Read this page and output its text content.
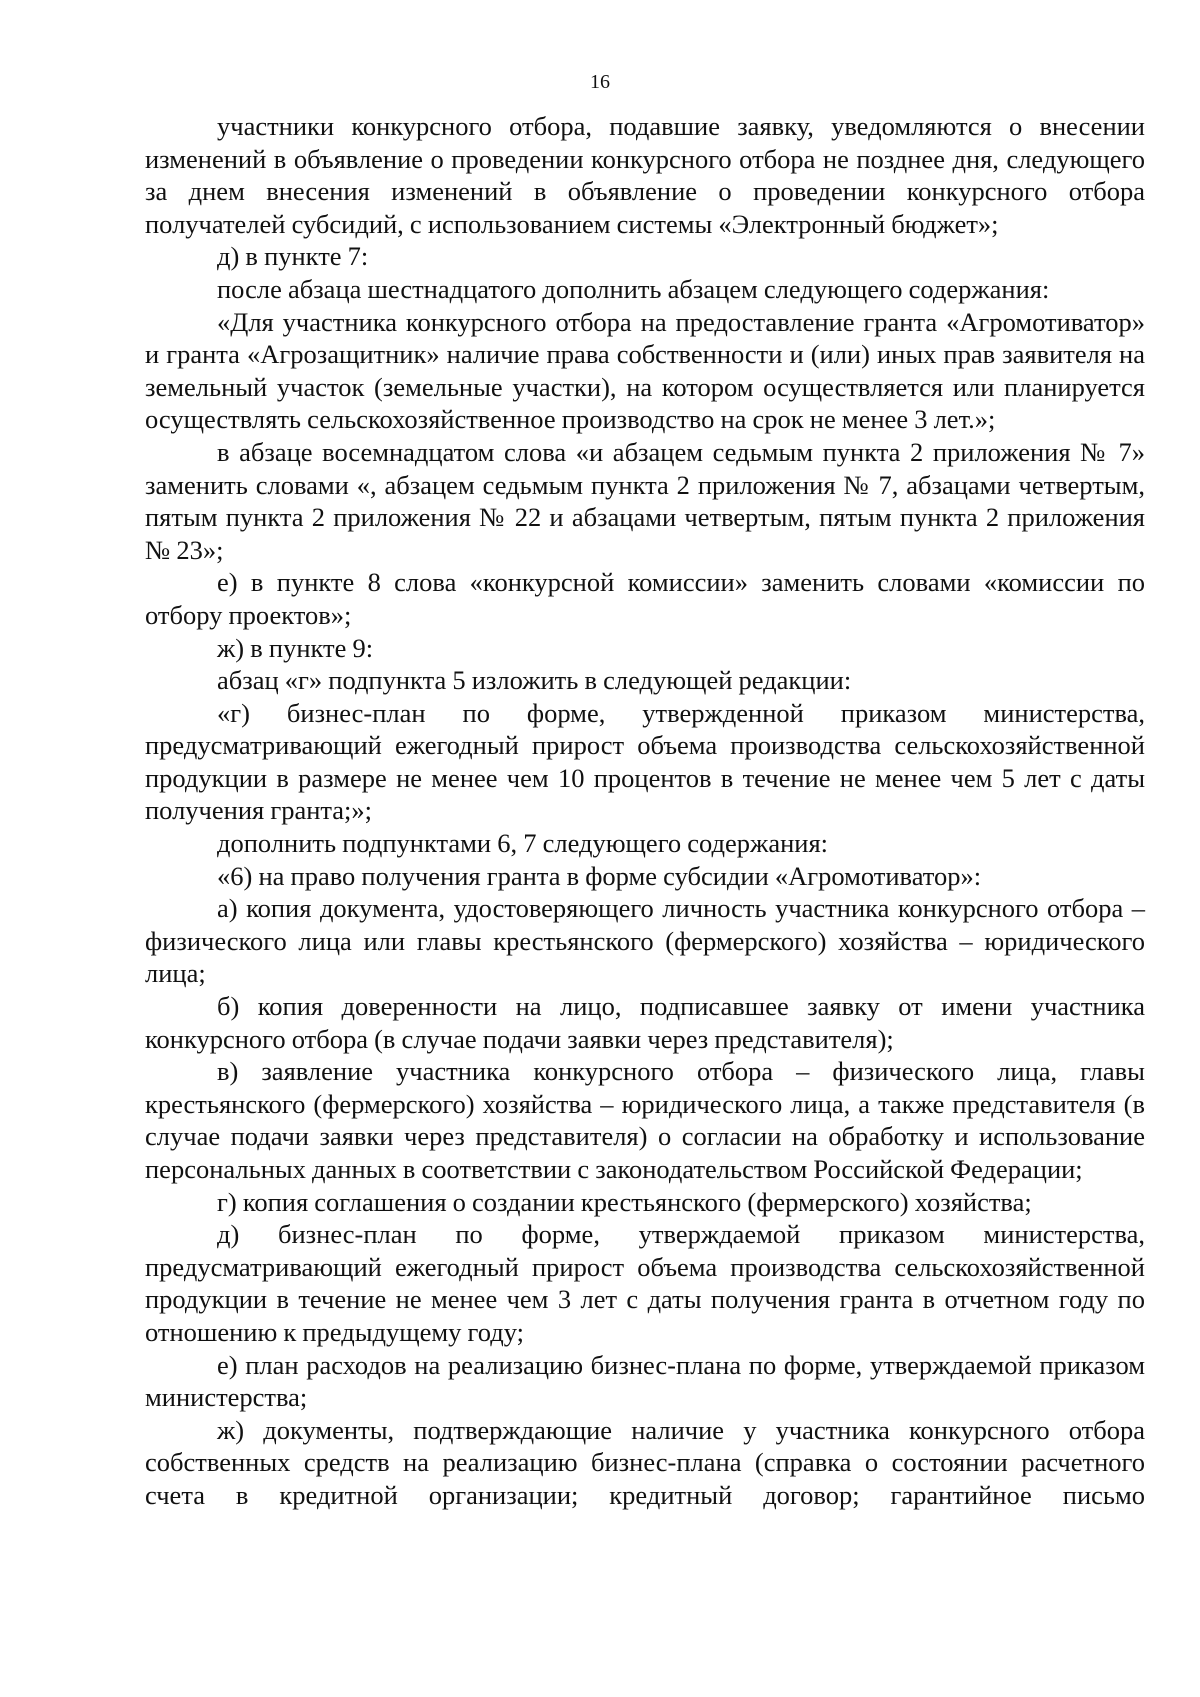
16

участники конкурсного отбора, подавшие заявку, уведомляются о внесении изменений в объявление о проведении конкурсного отбора не позднее дня, следующего за днем внесения изменений в объявление о проведении конкурсного отбора получателей субсидий, с использованием системы «Электронный бюджет»;

д) в пункте 7:

после абзаца шестнадцатого дополнить абзацем следующего содержания:

«Для участника конкурсного отбора на предоставление гранта «Агромотиватор» и гранта «Агрозащитник» наличие права собственности и (или) иных прав заявителя на земельный участок (земельные участки), на котором осуществляется или планируется осуществлять сельскохозяйственное производство на срок не менее 3 лет.»;

в абзаце восемнадцатом слова «и абзацем седьмым пункта 2 приложения № 7» заменить словами «, абзацем седьмым пункта 2 приложения № 7, абзацами четвертым, пятым пункта 2 приложения № 22 и абзацами четвертым, пятым пункта 2 приложения № 23»;

е) в пункте 8 слова «конкурсной комиссии» заменить словами «комиссии по отбору проектов»;

ж) в пункте 9:

абзац «г» подпункта 5 изложить в следующей редакции:

«г) бизнес-план по форме, утвержденной приказом министерства, предусматривающий ежегодный прирост объема производства сельскохозяйственной продукции в размере не менее чем 10 процентов в течение не менее чем 5 лет с даты получения гранта;»;

дополнить подпунктами 6, 7 следующего содержания:

«6) на право получения гранта в форме субсидии «Агромотиватор»:

а) копия документа, удостоверяющего личность участника конкурсного отбора – физического лица или главы крестьянского (фермерского) хозяйства – юридического лица;

б) копия доверенности на лицо, подписавшее заявку от имени участника конкурсного отбора (в случае подачи заявки через представителя);

в) заявление участника конкурсного отбора – физического лица, главы крестьянского (фермерского) хозяйства – юридического лица, а также представителя (в случае подачи заявки через представителя) о согласии на обработку и использование персональных данных в соответствии с законодательством Российской Федерации;

г) копия соглашения о создании крестьянского (фермерского) хозяйства;

д) бизнес-план по форме, утверждаемой приказом министерства, предусматривающий ежегодный прирост объема производства сельскохозяйственной продукции в течение не менее чем 3 лет с даты получения гранта в отчетном году по отношению к предыдущему году;

е) план расходов на реализацию бизнес-плана по форме, утверждаемой приказом министерства;

ж) документы, подтверждающие наличие у участника конкурсного отбора собственных средств на реализацию бизнес-плана (справка о состоянии расчетного счета в кредитной организации; кредитный договор; гарантийное письмо
